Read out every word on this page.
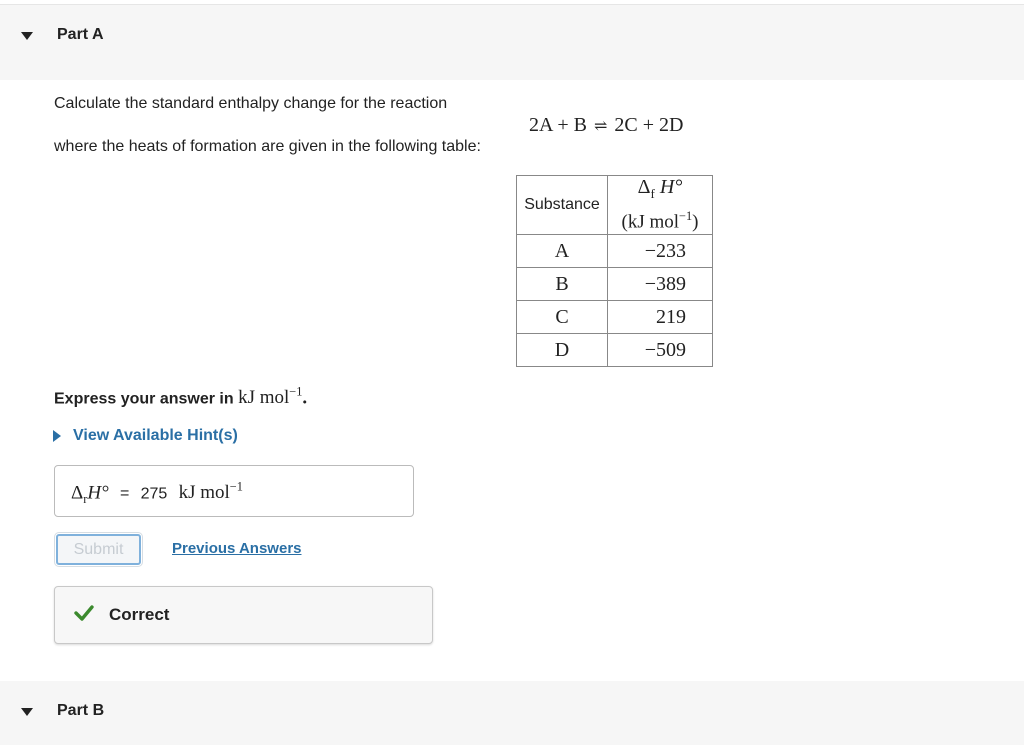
Part A
Calculate the standard enthalpy change for the reaction
where the heats of formation are given in the following table:
2A + B ⇌ 2C + 2D
Substance	$\Delta_f$ H°
(kJ mol$^{-1}$)

A	−233
B	−389
C	219
D	−509
Express your answer in kJ mol$^{-1}$.
View Available Hint(s)
$\Delta_rH^\circ = 275$ kJ mol$^{-1}$
Submit	Previous Answers
Correct
Part B
